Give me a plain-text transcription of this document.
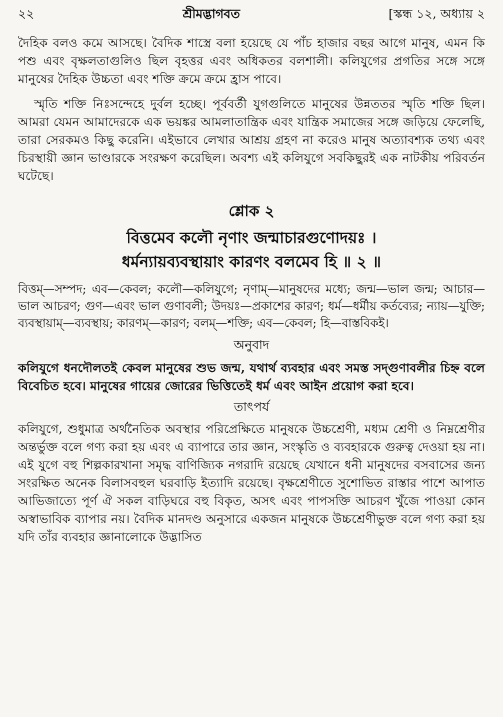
২২	শ্রীমদ্ভাগবত	[স্কন্ধ ১২, অধ্যায় ২

দৈহিক বলও কমে আসছে। বৈদিক শাস্ত্রে বলা হয়েছে যে পাঁচ হাজার বছর আগে মানুষ, এমন কি পশু এবং বৃক্ষলতাগুলিও ছিল বৃহত্তর এবং অধিকতর বলশালী। কলিযুগের প্রগতির সঙ্গে সঙ্গে মানুষের দৈহিক উচ্চতা এবং শক্তি ক্রমে ক্রমে হ্রাস পাবে।

স্মৃতি শক্তি নিঃসন্দেহে দুর্বল হচ্ছে। পূর্ববর্তী যুগগুলিতে মানুষের উন্নততর স্মৃতি শক্তি ছিল। আমরা যেমন আমাদেরকে এক ভয়ঙ্কর আমলাতান্ত্রিক এবং যান্ত্রিক সমাজের সঙ্গে জড়িয়ে ফেলেছি, তারা সেরকমও কিছু করেনি। এইভাবে লেখার আশ্রয় গ্রহণ না করেও মানুষ অত্যাবশ্যক তথ্য এবং চিরস্থায়ী জ্ঞান ভাণ্ডারকে সংরক্ষণ করেছিল। অবশ্য এই কলিযুগে সবকিছুরই এক নাটকীয় পরিবর্তন ঘটেছে।

শ্লোক ২
বিত্তমেব কলৌ নৃণাং জন্মাচারগুণোদয়ঃ ।
ধর্মন্যায়ব্যবস্থায়াং কারণং বলমেব হি ॥ ২ ॥

বিত্তম্—সম্পদ; এব—কেবল; কলৌ—কলিযুগে; নৃণাম্—মানুষদের মধ্যে; জন্ম—ভাল জন্ম; আচার—ভাল আচরণ; গুণ—এবং ভাল গুণাবলী; উদয়ঃ—প্রকাশের কারণ; ধর্ম—ধর্মীয় কর্তব্যের; ন্যায়—যুক্তি; ব্যবস্থায়াম্—ব্যবস্থায়; কারণম্—কারণ; বলম্—শক্তি; এব—কেবল; হি—বাস্তবিকই।

অনুবাদ

কলিযুগে ধনদৌলতই কেবল মানুষের শুভ জন্ম, যথার্থ ব্যবহার এবং সমস্ত সদ্গুণাবলীর চিহ্ন বলে বিবেচিত হবে। মানুষের গায়ের জোরের ভিত্তিতেই ধর্ম এবং আইন প্রয়োগ করা হবে।

তাৎপর্য

কলিযুগে, শুধুমাত্র অর্থনৈতিক অবস্থার পরিপ্রেক্ষিতে মানুষকে উচ্চশ্রেণী, মধ্যম শ্রেণী ও নিম্নশ্রেণীর অন্তর্ভুক্ত বলে গণ্য করা হয় এবং এ ব্যাপারে তার জ্ঞান, সংস্কৃতি ও ব্যবহারকে গুরুত্ব দেওয়া হয় না। এই যুগে বহু শিল্পকারখানা সমৃদ্ধ বাণিজ্যিক নগরাদি রয়েছে যেখানে ধনী মানুষদের বসবাসের জন্য সংরক্ষিত অনেক বিলাসবহুল ঘরবাড়ি ইত্যাদি রয়েছে। বৃক্ষশ্রেণীতে সুশোভিত রাস্তার পাশে আপাত আভিজাত্যে পূর্ণ ঐ সকল বাড়িঘরে বহু বিকৃত, অসৎ এবং পাপসক্তি আচরণ খুঁজে পাওয়া কোন অস্বাভাবিক ব্যাপার নয়। বৈদিক মানদণ্ড অনুসারে একজন মানুষকে উচ্চশ্রেণীভুক্ত বলে গণ্য করা হয় যদি তাঁর ব্যবহার জ্ঞানালোকে উদ্ভাসিত
